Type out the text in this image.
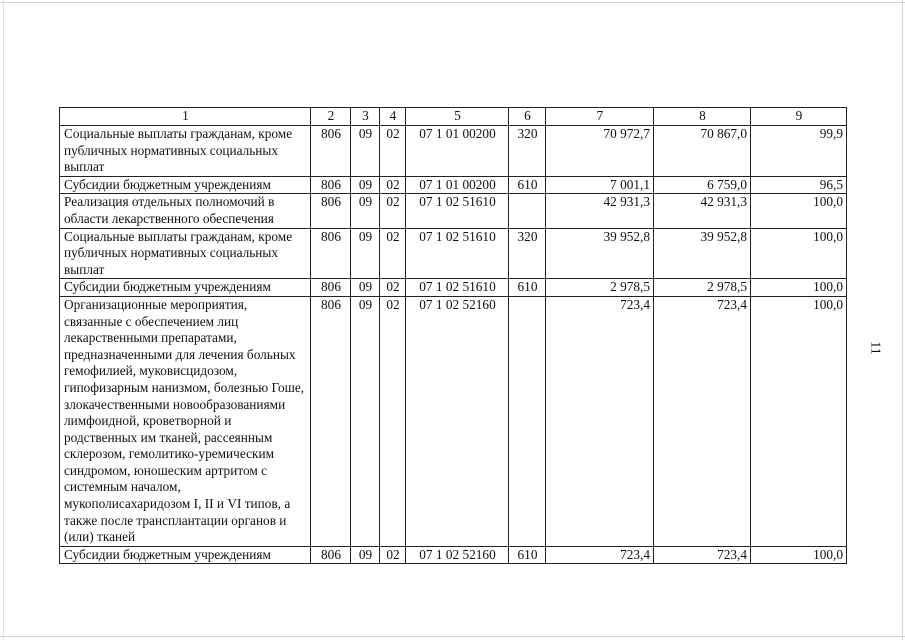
1	2	3	4	5	6	7	8	9
Социальные выплаты гражданам, кроме публичных нормативных социальных выплат	806	09	02	07 1 01 00200	320	70 972,7	70 867,0	99,9
Субсидии бюджетным учреждениям	806	09	02	07 1 01 00200	610	7 001,1	6 759,0	96,5
Реализация отдельных полномочий в области лекарственного обеспечения	806	09	02	07 1 02 51610		42 931,3	42 931,3	100,0
Социальные выплаты гражданам, кроме публичных нормативных социальных выплат	806	09	02	07 1 02 51610	320	39 952,8	39 952,8	100,0
Субсидии бюджетным учреждениям	806	09	02	07 1 02 51610	610	2 978,5	2 978,5	100,0
Организационные мероприятия, связанные с обеспечением лиц лекарственными препаратами, предназначенными для лечения больных гемофилией, муковисцидозом, гипофизарным нанизмом, болезнью Гоше, злокачественными новообразованиями лимфоидной, кроветворной и родственных им тканей, рассеянным склерозом, гемолитико-уремическим синдромом, юношеским артритом с системным началом, мукополисахаридозом I, II и VI типов, а также после трансплантации органов и (или) тканей	806	09	02	07 1 02 52160		723,4	723,4	100,0
Субсидии бюджетным учреждениям	806	09	02	07 1 02 52160	610	723,4	723,4	100,0
11
